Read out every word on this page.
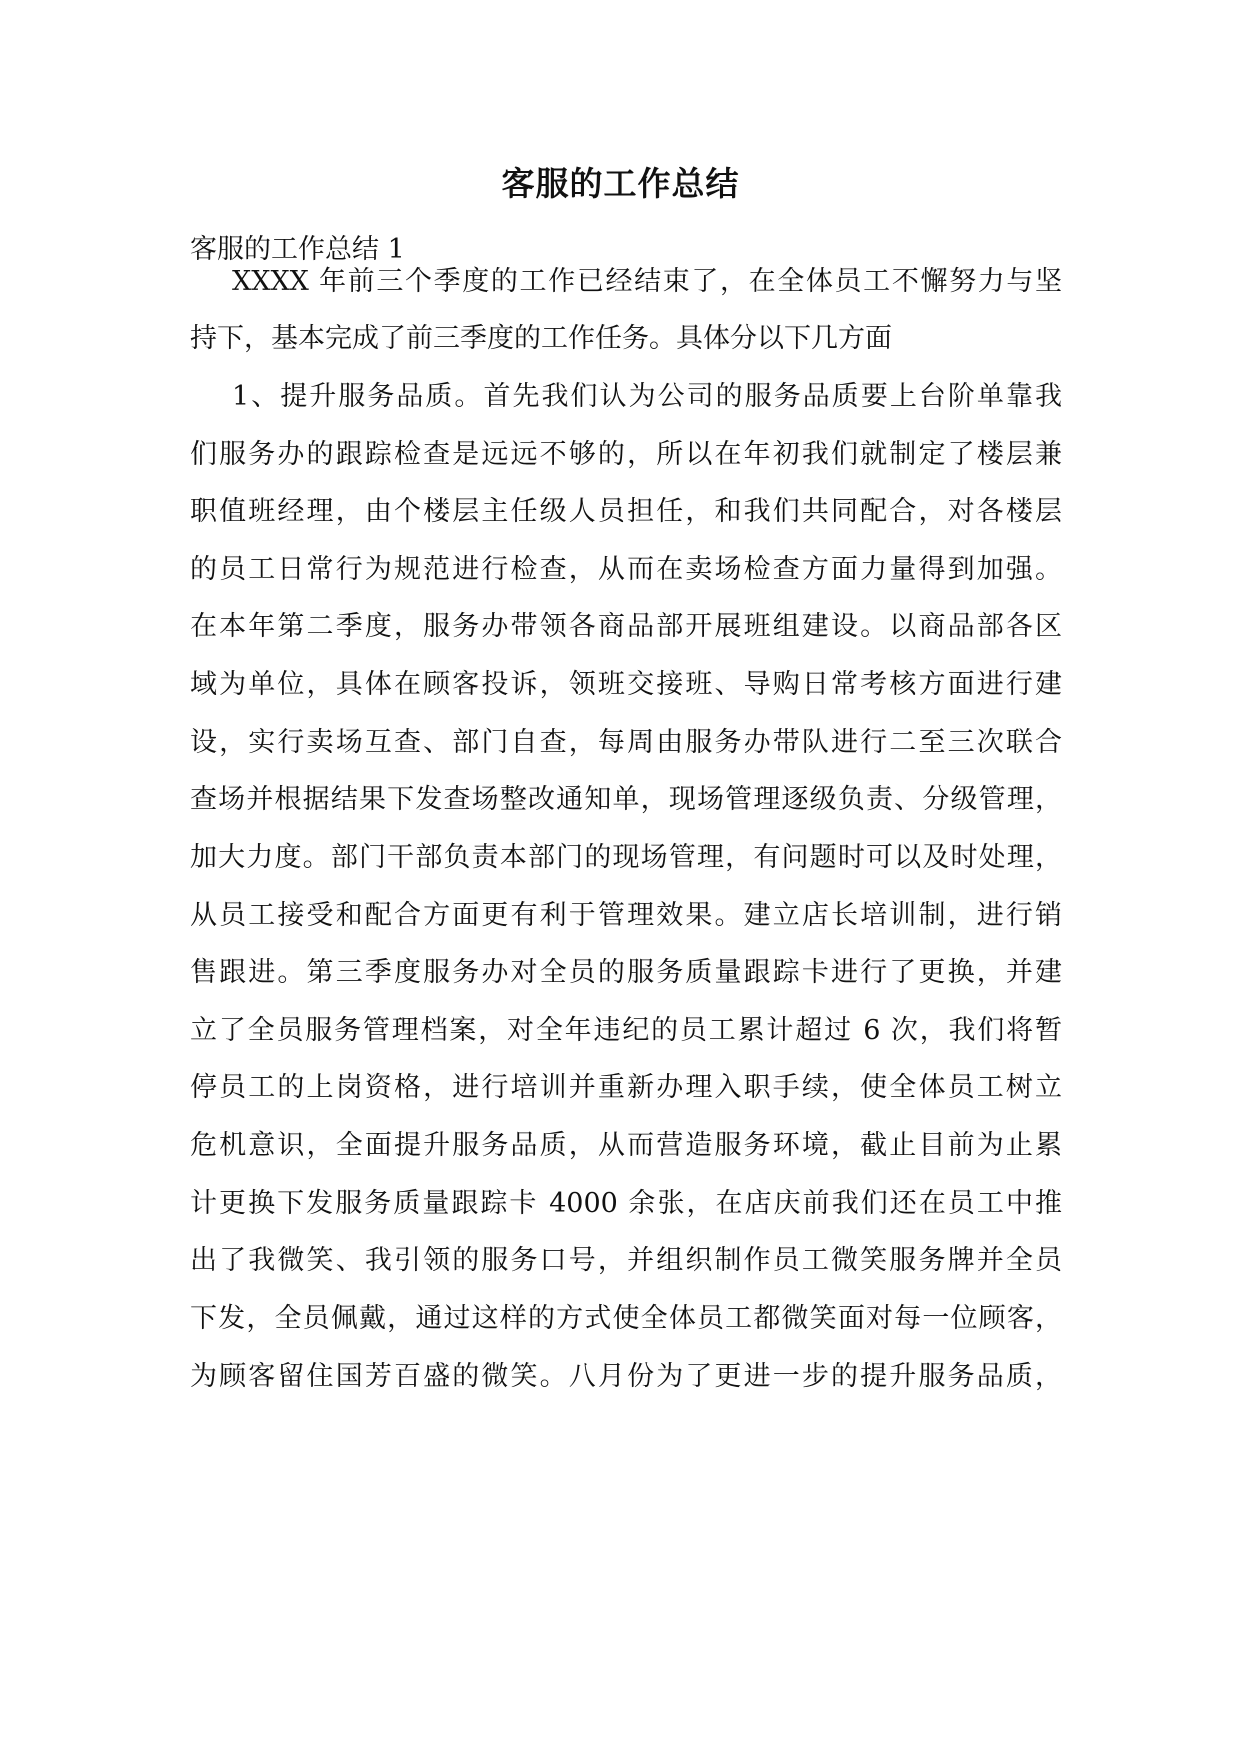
客服的工作总结
客服的工作总结 1
XXXX 年前三个季度的工作已经结束了，在全体员工不懈努力与坚
持下，基本完成了前三季度的工作任务。具体分以下几方面
1、提升服务品质。首先我们认为公司的服务品质要上台阶单靠我
们服务办的跟踪检查是远远不够的，所以在年初我们就制定了楼层兼
职值班经理，由个楼层主任级人员担任，和我们共同配合，对各楼层
的员工日常行为规范进行检查，从而在卖场检查方面力量得到加强。
在本年第二季度，服务办带领各商品部开展班组建设。以商品部各区
域为单位，具体在顾客投诉，领班交接班、导购日常考核方面进行建
设，实行卖场互查、部门自查，每周由服务办带队进行二至三次联合
查场并根据结果下发查场整改通知单，现场管理逐级负责、分级管理，
加大力度。部门干部负责本部门的现场管理，有问题时可以及时处理，
从员工接受和配合方面更有利于管理效果。建立店长培训制，进行销
售跟进。第三季度服务办对全员的服务质量跟踪卡进行了更换，并建
立了全员服务管理档案，对全年违纪的员工累计超过 6 次，我们将暂
停员工的上岗资格，进行培训并重新办理入职手续，使全体员工树立
危机意识，全面提升服务品质，从而营造服务环境，截止目前为止累
计更换下发服务质量跟踪卡 4000 余张，在店庆前我们还在员工中推
出了我微笑、我引领的服务口号，并组织制作员工微笑服务牌并全员
下发，全员佩戴，通过这样的方式使全体员工都微笑面对每一位顾客，
为顾客留住国芳百盛的微笑。八月份为了更进一步的提升服务品质，
